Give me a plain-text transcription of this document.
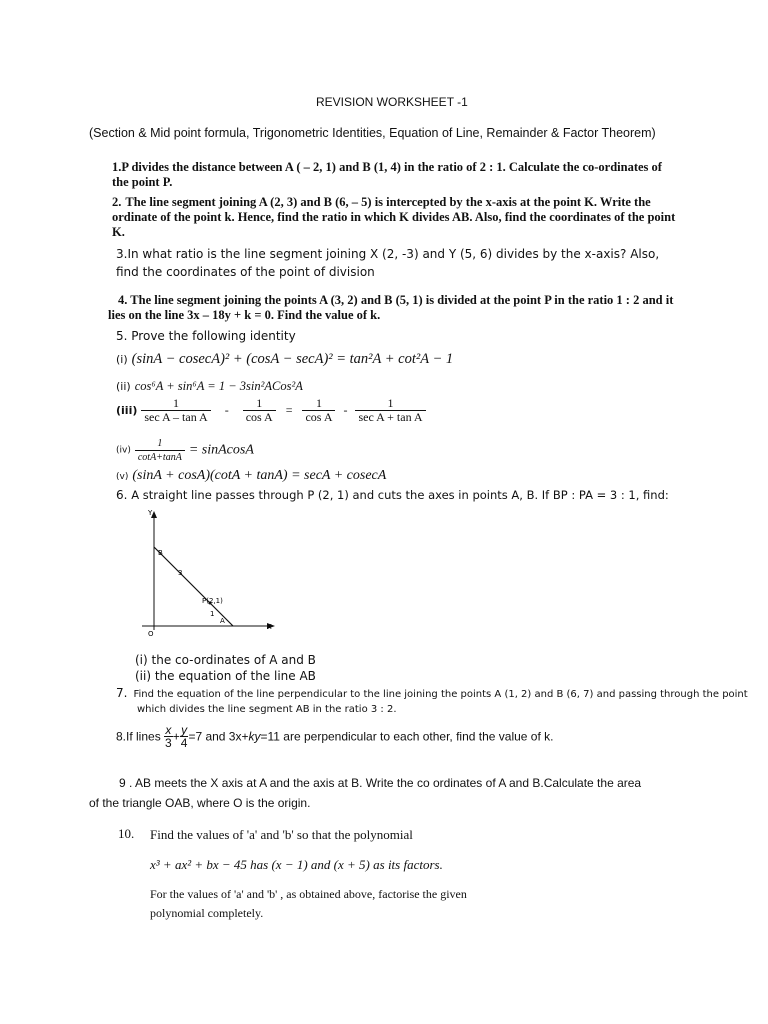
REVISION WORKSHEET -1
(Section & Mid point formula, Trigonometric Identities, Equation of Line, Remainder & Factor Theorem)
1.P divides the distance between A ( – 2, 1) and B (1, 4) in the ratio of 2 : 1. Calculate the co-ordinates of
the point P.
2. The line segment joining A (2, 3) and B (6, – 5) is intercepted by the x-axis at the point K. Write the
ordinate of the point k. Hence, find the ratio in which K divides AB. Also, find the coordinates of the point
K.
3.In what ratio is the line segment joining X (2, -3) and Y (5, 6) divides by the x-axis? Also,
find the coordinates of the point of division
4. The line segment joining the points A (3, 2) and B (5, 1) is divided at the point P in the ratio 1 : 2 and it
lies on the line 3x – 18y + k = 0. Find the value of k.
5. Prove the following identity
(i) (sinA − cosecA)² + (cosA − secA)² = tan²A + cot²A − 1
(ii) cos⁶A + sin⁶A = 1 − 3sin²ACos²A
$(iii) \frac{1}{\text{sec A – tan A}} - \frac{1}{\text{cos A}} = \frac{1}{\text{cos A}} - \frac{1}{\text{sec A + tan A}}$
$(iv) \frac{1}{\cot A+\tan A}$ = sinAcosA
(v) (sinA + cosA)(cotA + tanA) = secA + cosecA
6. A straight line passes through P (2, 1) and cuts the axes in points A, B. If BP : PA = 3 : 1, find:
Y
X
O
B
A
P(2,1)
3
1
(i) the co-ordinates of A and B
(ii) the equation of the line AB
7. Find the equation of the line perpendicular to the line joining the points A (1, 2) and B (6, 7) and passing through the point
which divides the line segment AB in the ratio 3 : 2.
8.If lines $\frac{x}{3} + \frac{y}{4} =7$ and 3x+ky=11 are perpendicular to each other, find the value of k.
9 . AB meets the X axis at A and the axis at B. Write the co ordinates of A and B.Calculate the area
of the triangle OAB, where O is the origin.
10. Find the values of 'a' and 'b' so that the polynomial
x³ + ax² + bx − 45 has (x − 1) and (x + 5) as its factors.
For the values of 'a' and 'b' , as obtained above, factorise the given
polynomial completely.
